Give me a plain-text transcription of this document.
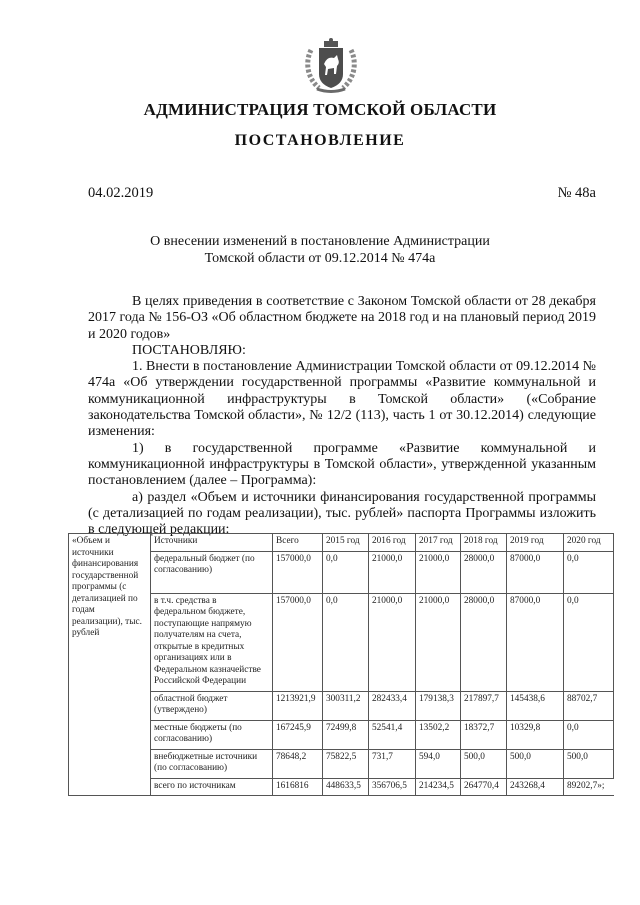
АДМИНИСТРАЦИЯ ТОМСКОЙ ОБЛАСТИ
ПОСТАНОВЛЕНИЕ
04.02.2019	№ 48а
О внесении изменений в постановление Администрации
Томской области от 09.12.2014 № 474а

В целях приведения в соответствие с Законом Томской области от 28 декабря 2017 года № 156-ОЗ «Об областном бюджете на 2018 год и на плановый период 2019 и 2020 годов»

ПОСТАНОВЛЯЮ:

1. Внести в постановление Администрации Томской области от 09.12.2014 № 474а «Об утверждении государственной программы «Развитие коммунальной и коммуникационной инфраструктуры в Томской области» («Собрание законодательства Томской области», № 12/2 (113), часть 1 от 30.12.2014) следующие изменения:

1) в государственной программе «Развитие коммунальной и коммуникационной инфраструктуры в Томской области», утвержденной указанным постановлением (далее – Программа):

а) раздел «Объем и источники финансирования государственной программы (с детализацией по годам реализации), тыс. рублей» паспорта Программы изложить в следующей редакции:

«Объем и источники финансирования государственной программы (с детализацией по годам реализации), тыс. рублей	Источники	Всего	2015 год	2016 год	2017 год	2018 год	2019 год	2020 год
	федеральный бюджет (по согласованию)	157000,0	0,0	21000,0	21000,0	28000,0	87000,0	0,0
	в т.ч. средства в федеральном бюджете, поступающие напрямую получателям на счета, открытые в кредитных организациях или в Федеральном казначействе Российской Федерации	157000,0	0,0	21000,0	21000,0	28000,0	87000,0	0,0
	областной бюджет (утверждено)	1213921,9	300311,2	282433,4	179138,3	217897,7	145438,6	88702,7
	местные бюджеты (по согласованию)	167245,9	72499,8	52541,4	13502,2	18372,7	10329,8	0,0
	внебюджетные источники (по согласованию)	78648,2	75822,5	731,7	594,0	500,0	500,0	500,0
	всего по источникам	1616816	448633,5	356706,5	214234,5	264770,4	243268,4	89202,7»;
